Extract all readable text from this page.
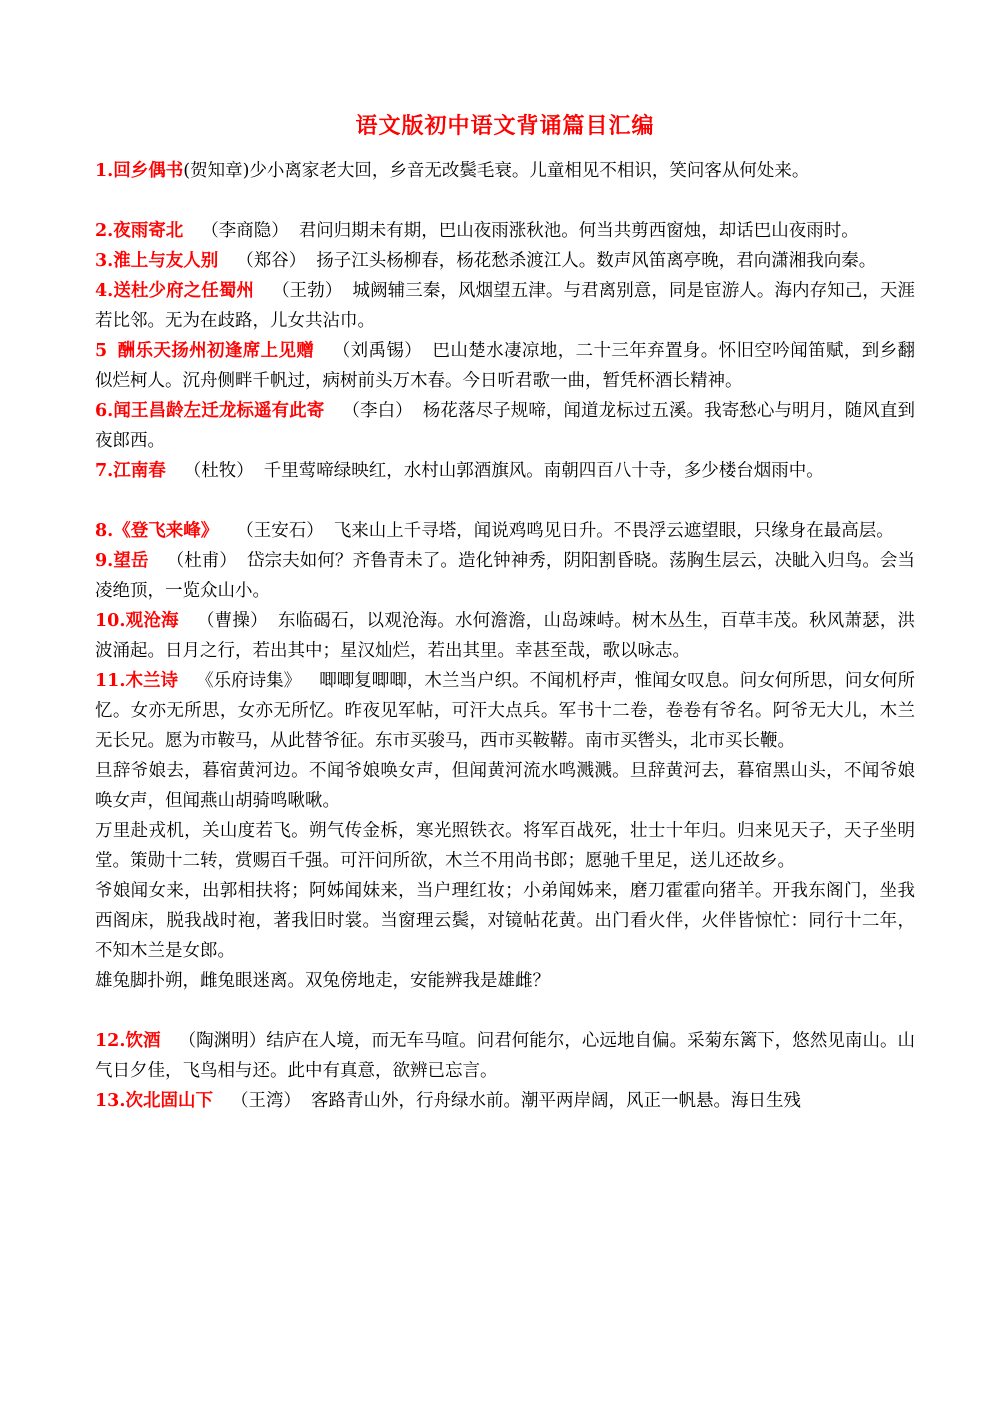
语文版初中语文背诵篇目汇编

1.回乡偶书(贺知章)少小离家老大回，乡音无改鬓毛衰。儿童相见不相识，笑问客从何处来。

2.夜雨寄北 （李商隐） 君问归期未有期，巴山夜雨涨秋池。何当共剪西窗烛，却话巴山夜雨时。

3.淮上与友人别 （郑谷） 扬子江头杨柳春，杨花愁杀渡江人。数声风笛离亭晚，君向潇湘我向秦。

4.送杜少府之任蜀州 （王勃） 城阙辅三秦，风烟望五津。与君离别意，同是宦游人。海内存知己，天涯若比邻。无为在歧路，儿女共沾巾。

5 酬乐天扬州初逢席上见赠 （刘禹锡） 巴山楚水凄凉地，二十三年弃置身。怀旧空吟闻笛赋，到乡翻似烂柯人。沉舟侧畔千帆过，病树前头万木春。今日听君歌一曲，暂凭杯酒长精神。

6.闻王昌龄左迁龙标遥有此寄 （李白） 杨花落尽子规啼，闻道龙标过五溪。我寄愁心与明月，随风直到夜郎西。

7.江南春 （杜牧） 千里莺啼绿映红，水村山郭酒旗风。南朝四百八十寺，多少楼台烟雨中。

8.《登飞来峰》 （王安石） 飞来山上千寻塔，闻说鸡鸣见日升。不畏浮云遮望眼，只缘身在最高层。

9.望岳 （杜甫） 岱宗夫如何？齐鲁青未了。造化钟神秀，阴阳割昏晓。荡胸生层云，决眦入归鸟。会当凌绝顶，一览众山小。

10.观沧海 （曹操） 东临碣石，以观沧海。水何澹澹，山岛竦峙。树木丛生，百草丰茂。秋风萧瑟，洪波涌起。日月之行，若出其中；星汉灿烂，若出其里。幸甚至哉，歌以咏志。

11.木兰诗 《乐府诗集》 唧唧复唧唧，木兰当户织。不闻机杼声，惟闻女叹息。问女何所思，问女何所忆。女亦无所思，女亦无所忆。昨夜见军帖，可汗大点兵。军书十二卷，卷卷有爷名。阿爷无大儿，木兰无长兄。愿为市鞍马，从此替爷征。东市买骏马，西市买鞍鞯。南市买辔头，北市买长鞭。

旦辞爷娘去，暮宿黄河边。不闻爷娘唤女声，但闻黄河流水鸣溅溅。旦辞黄河去，暮宿黑山头，不闻爷娘唤女声，但闻燕山胡骑鸣啾啾。

万里赴戎机，关山度若飞。朔气传金柝，寒光照铁衣。将军百战死，壮士十年归。归来见天子，天子坐明堂。策勋十二转，赏赐百千强。可汗问所欲，木兰不用尚书郎；愿驰千里足，送儿还故乡。

爷娘闻女来，出郭相扶将；阿姊闻妹来，当户理红妆；小弟闻姊来，磨刀霍霍向猪羊。开我东阁门，坐我西阁床，脱我战时袍，著我旧时裳。当窗理云鬓，对镜帖花黄。出门看火伴，火伴皆惊忙：同行十二年，不知木兰是女郎。

雄兔脚扑朔，雌兔眼迷离。双兔傍地走，安能辨我是雄雌？

12.饮酒 （陶渊明）结庐在人境，而无车马喧。问君何能尔，心远地自偏。采菊东篱下，悠然见南山。山气日夕佳，飞鸟相与还。此中有真意，欲辨已忘言。

13.次北固山下 （王湾） 客路青山外，行舟绿水前。潮平两岸阔，风正一帆悬。海日生残
